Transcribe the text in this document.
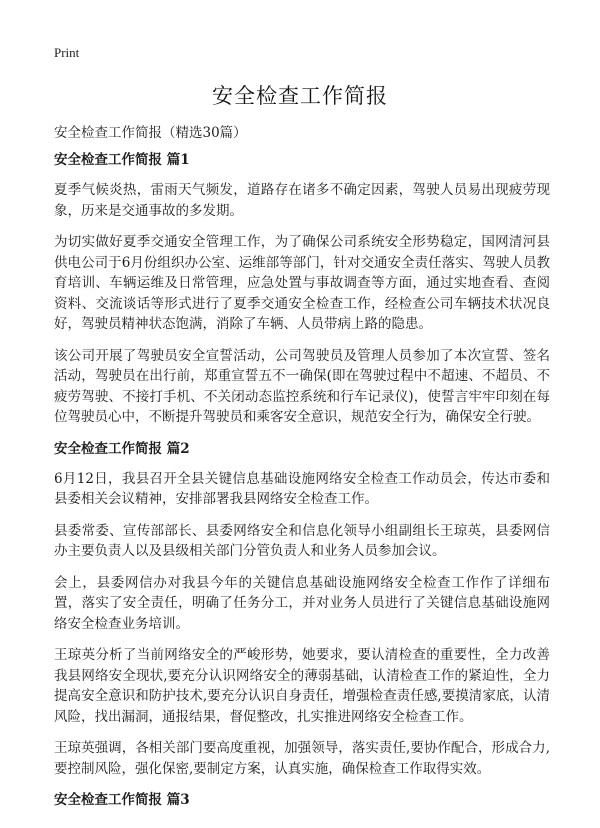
Print
安全检查工作简报
安全检查工作简报（精选30篇）
安全检查工作简报 篇1

夏季气候炎热，雷雨天气频发，道路存在诸多不确定因素，驾驶人员易出现疲劳现象，历来是交通事故的多发期。

为切实做好夏季交通安全管理工作，为了确保公司系统安全形势稳定，国网清河县供电公司于6月份组织办公室、运维部等部门，针对交通安全责任落实、驾驶人员教育培训、车辆运维及日常管理，应急处置与事故调查等方面，通过实地查看、查阅资料、交流谈话等形式进行了夏季交通安全检查工作，经检查公司车辆技术状况良好，驾驶员精神状态饱满，消除了车辆、人员带病上路的隐患。

该公司开展了驾驶员安全宣誓活动，公司驾驶员及管理人员参加了本次宣誓、签名活动，驾驶员在出行前，郑重宣誓五不一确保(即在驾驶过程中不超速、不超员、不疲劳驾驶、不接打手机、不关闭动态监控系统和行车记录仪)，使誓言牢牢印刻在每位驾驶员心中，不断提升驾驶员和乘客安全意识，规范安全行为，确保安全行驶。

安全检查工作简报 篇2

6月12日，我县召开全县关键信息基础设施网络安全检查工作动员会，传达市委和县委相关会议精神，安排部署我县网络安全检查工作。

县委常委、宣传部部长、县委网络安全和信息化领导小组副组长王琼英，县委网信办主要负责人以及县级相关部门分管负责人和业务人员参加会议。

会上，县委网信办对我县今年的关键信息基础设施网络安全检查工作作了详细布置，落实了安全责任，明确了任务分工，并对业务人员进行了关键信息基础设施网络安全检查业务培训。

王琼英分析了当前网络安全的严峻形势，她要求，要认清检查的重要性，全力改善我县网络安全现状,要充分认识网络安全的薄弱基础，认清检查工作的紧迫性，全力提高安全意识和防护技术,要充分认识自身责任，增强检查责任感,要摸清家底，认清风险，找出漏洞，通报结果，督促整改，扎实推进网络安全检查工作。

王琼英强调，各相关部门要高度重视，加强领导，落实责任,要协作配合，形成合力,要控制风险，强化保密,要制定方案，认真实施，确保检查工作取得实效。

安全检查工作简报 篇3
